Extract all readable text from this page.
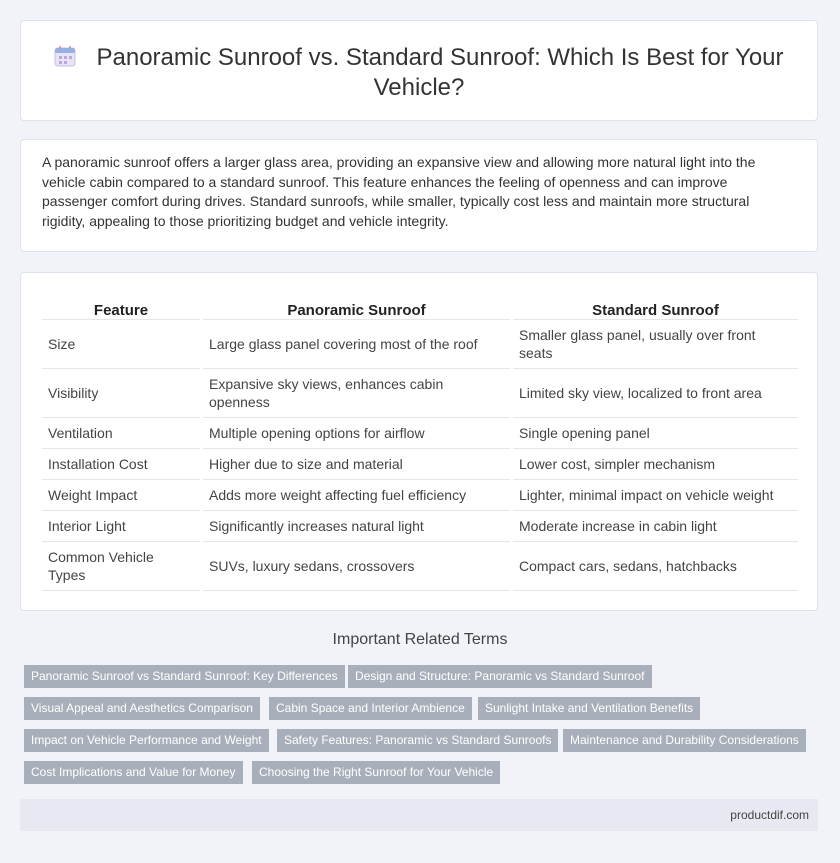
Panoramic Sunroof vs. Standard Sunroof: Which Is Best for Your
Vehicle?
A panoramic sunroof offers a larger glass area, providing an expansive view and allowing more natural light into the vehicle cabin compared to a standard sunroof. This feature enhances the feeling of openness and can improve passenger comfort during drives. Standard sunroofs, while smaller, typically cost less and maintain more structural rigidity, appealing to those prioritizing budget and vehicle integrity.
Feature		Panoramic Sunroof		Standard Sunroof
Size		Large glass panel covering most of the roof		Smaller glass panel, usually over front seats
Visibility		Expansive sky views, enhances cabin openness		Limited sky view, localized to front area
Ventilation		Multiple opening options for airflow		Single opening panel
Installation Cost		Higher due to size and material		Lower cost, simpler mechanism
Weight Impact		Adds more weight affecting fuel efficiency		Lighter, minimal impact on vehicle weight
Interior Light		Significantly increases natural light		Moderate increase in cabin light
Common Vehicle Types		SUVs, luxury sedans, crossovers		Compact cars, sedans, hatchbacks
Important Related Terms
Panoramic Sunroof vs Standard Sunroof: Key Differences	Design and Structure: Panoramic vs Standard Sunroof
Visual Appeal and Aesthetics Comparison	Cabin Space and Interior Ambience	Sunlight Intake and Ventilation Benefits
Impact on Vehicle Performance and Weight	Safety Features: Panoramic vs Standard Sunroofs	Maintenance and Durability Considerations
Cost Implications and Value for Money	Choosing the Right Sunroof for Your Vehicle
productdif.com
